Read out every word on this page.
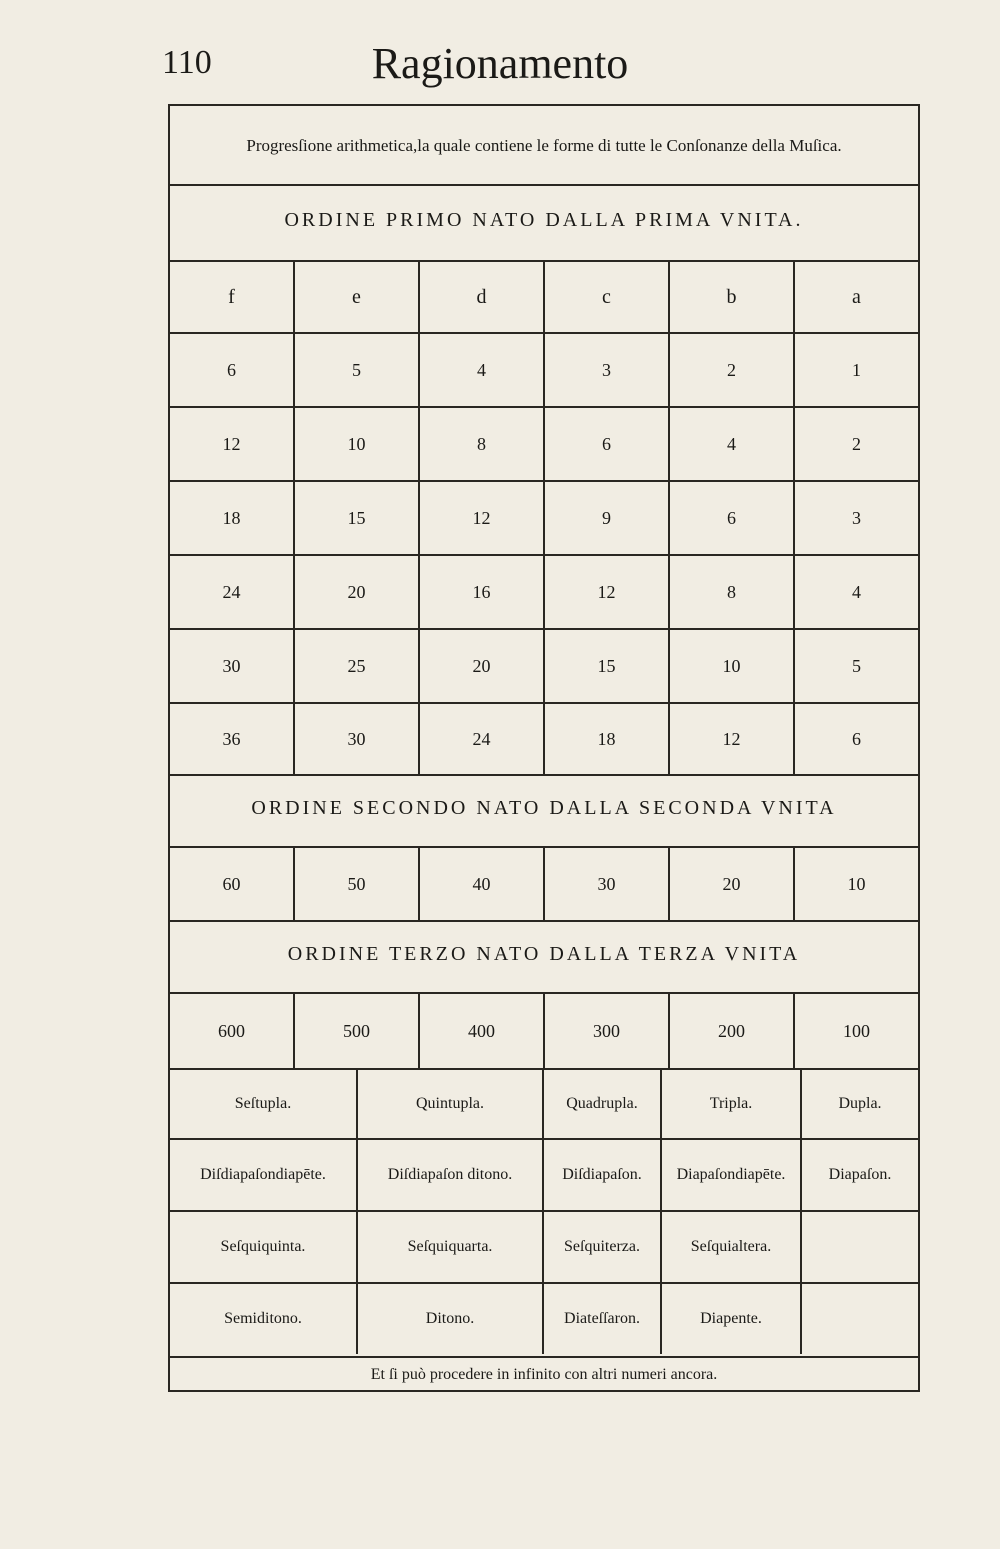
110	Ragionamento
Progresſione arithmetica,la quale contiene le forme di tutte le Conſonanze della Muſica.
ORDINE PRIMO NATO DALLA PRIMA VNITA.
f	e	d	c	b	a
6	5	4	3	2	1
12	10	8	6	4	2
18	15	12	9	6	3
24	20	16	12	8	4
30	25	20	15	10	5
36	30	24	18	12	6
ORDINE SECONDO NATO DALLA SECONDA VNITA
60	50	40	30	20	10
ORDINE TERZO NATO DALLA TERZA VNITA
600	500	400	300	200	100
Seſtupla.	Quintupla.	Quadrupla.	Tripla.	Dupla.
Diſdiapaſondiapēte.	Diſdiapaſon ditono.	Diſdiapaſon.	Diapaſondiapēte.	Diapaſon.
Seſquiquinta.	Seſquiquarta.	Seſquiterza.	Seſquialtera.
Semiditono.	Ditono.	Diateſſaron.	Diapente.
Et ſi può procedere in infinito con altri numeri ancora.
